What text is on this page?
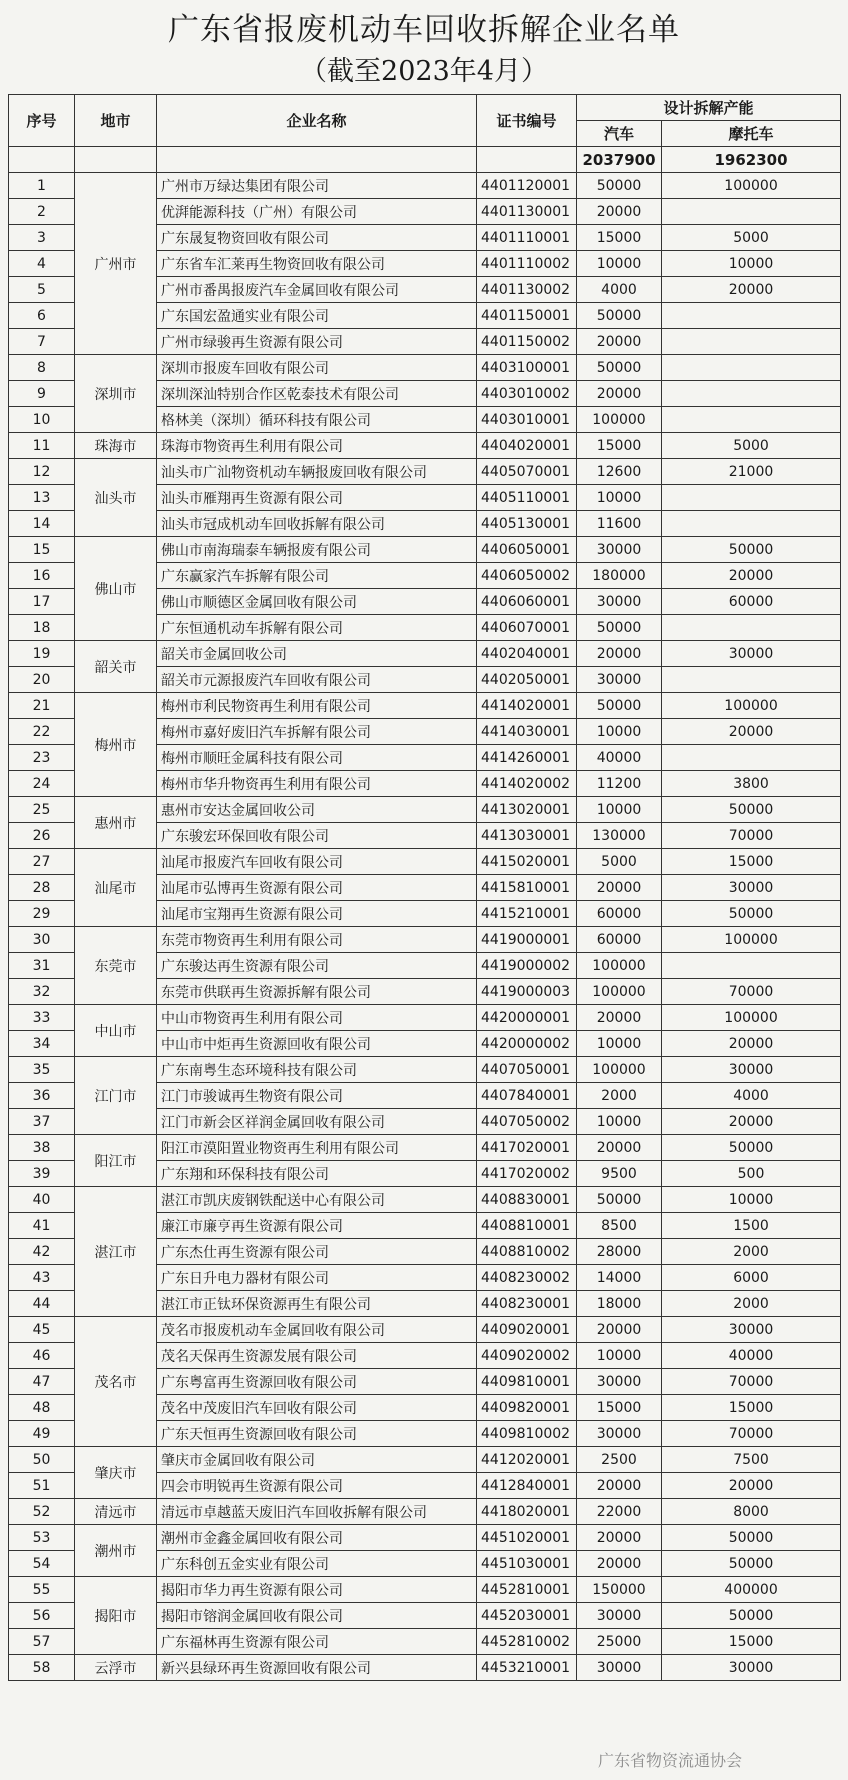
广东省报废机动车回收拆解企业名单
（截至2023年4月）
序号	地市	企业名称	证书编号	设计拆解产能	
				汽车	摩托车
				2037900	1962300
1	广州市	广州市万绿达集团有限公司	4401120001	50000	100000
2		优湃能源科技（广州）有限公司	4401130001	20000	
3		广东晟复物资回收有限公司	4401110001	15000	5000
4		广东省车汇莱再生物资回收有限公司	4401110002	10000	10000
5		广州市番禺报废汽车金属回收有限公司	4401130002	4000	20000
6		广东国宏盈通实业有限公司	4401150001	50000	
7		广州市绿骏再生资源有限公司	4401150002	20000	
8	深圳市	深圳市报废车回收有限公司	4403100001	50000	
9		深圳深汕特别合作区乾泰技术有限公司	4403010002	20000	
10		格林美（深圳）循环科技有限公司	4403010001	100000	
11	珠海市	珠海市物资再生利用有限公司	4404020001	15000	5000
12	汕头市	汕头市广汕物资机动车辆报废回收有限公司	4405070001	12600	21000
13		汕头市雁翔再生资源有限公司	4405110001	10000	
14		汕头市冠成机动车回收拆解有限公司	4405130001	11600	
15	佛山市	佛山市南海瑞泰车辆报废有限公司	4406050001	30000	50000
16		广东赢家汽车拆解有限公司	4406050002	180000	20000
17		佛山市顺德区金属回收有限公司	4406060001	30000	60000
18		广东恒通机动车拆解有限公司	4406070001	50000	
19	韶关市	韶关市金属回收公司	4402040001	20000	30000
20		韶关市元源报废汽车回收有限公司	4402050001	30000	
21	梅州市	梅州市利民物资再生利用有限公司	4414020001	50000	100000
22		梅州市嘉好废旧汽车拆解有限公司	4414030001	10000	20000
23		梅州市顺旺金属科技有限公司	4414260001	40000	
24		梅州市华升物资再生利用有限公司	4414020002	11200	3800
25	惠州市	惠州市安达金属回收公司	4413020001	10000	50000
26		广东骏宏环保回收有限公司	4413030001	130000	70000
27	汕尾市	汕尾市报废汽车回收有限公司	4415020001	5000	15000
28		汕尾市弘博再生资源有限公司	4415810001	20000	30000
29		汕尾市宝翔再生资源有限公司	4415210001	60000	50000
30	东莞市	东莞市物资再生利用有限公司	4419000001	60000	100000
31		广东骏达再生资源有限公司	4419000002	100000	
32		东莞市供联再生资源拆解有限公司	4419000003	100000	70000
33	中山市	中山市物资再生利用有限公司	4420000001	20000	100000
34		中山市中炬再生资源回收有限公司	4420000002	10000	20000
35	江门市	广东南粤生态环境科技有限公司	4407050001	100000	30000
36		江门市骏诚再生物资有限公司	4407840001	2000	4000
37		江门市新会区祥润金属回收有限公司	4407050002	10000	20000
38	阳江市	阳江市漠阳置业物资再生利用有限公司	4417020001	20000	50000
39		广东翔和环保科技有限公司	4417020002	9500	500
40	湛江市	湛江市凯庆废钢铁配送中心有限公司	4408830001	50000	10000
41		廉江市廉亨再生资源有限公司	4408810001	8500	1500
42		广东杰仕再生资源有限公司	4408810002	28000	2000
43		广东日升电力器材有限公司	4408230002	14000	6000
44		湛江市正钛环保资源再生有限公司	4408230001	18000	2000
45	茂名市	茂名市报废机动车金属回收有限公司	4409020001	20000	30000
46		茂名天保再生资源发展有限公司	4409020002	10000	40000
47		广东粤富再生资源回收有限公司	4409810001	30000	70000
48		茂名中茂废旧汽车回收有限公司	4409820001	15000	15000
49		广东天恒再生资源回收有限公司	4409810002	30000	70000
50	肇庆市	肇庆市金属回收有限公司	4412020001	2500	7500
51		四会市明锐再生资源有限公司	4412840001	20000	20000
52	清远市	清远市卓越蓝天废旧汽车回收拆解有限公司	4418020001	22000	8000
53	潮州市	潮州市金鑫金属回收有限公司	4451020001	20000	50000
54		广东科创五金实业有限公司	4451030001	20000	50000
55	揭阳市	揭阳市华力再生资源有限公司	4452810001	150000	400000
56		揭阳市镕润金属回收有限公司	4452030001	30000	50000
57		广东福林再生资源有限公司	4452810002	25000	15000
58	云浮市	新兴县绿环再生资源回收有限公司	4453210001	30000	30000
广东省物资流通协会
